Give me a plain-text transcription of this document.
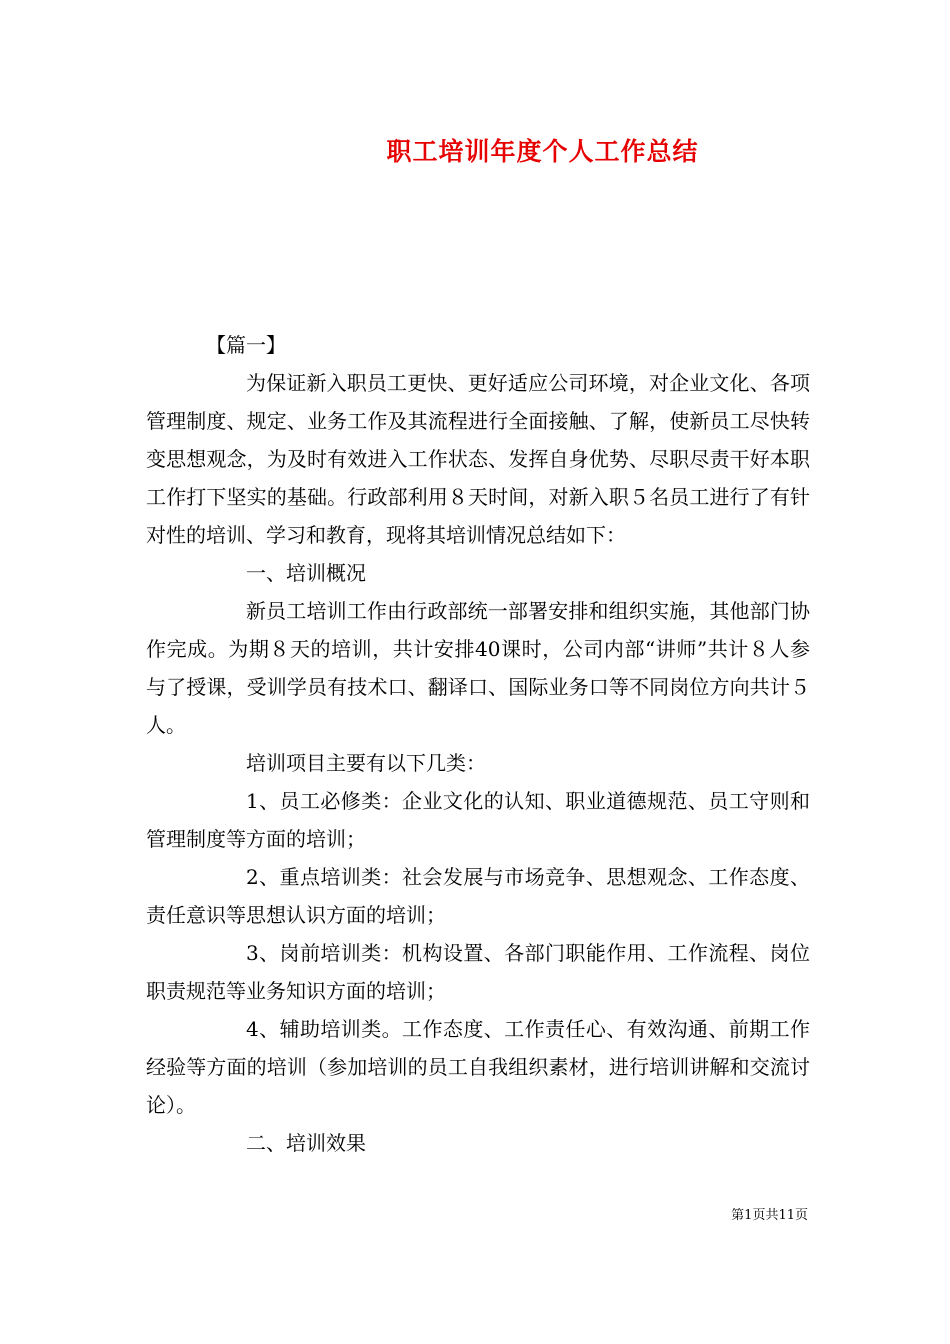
职工培训年度个人工作总结

【篇一】

为保证新入职员工更快、更好适应公司环境，对企业文化、各项管理制度、规定、业务工作及其流程进行全面接触、了解，使新员工尽快转变思想观念，为及时有效进入工作状态、发挥自身优势、尽职尽责干好本职工作打下坚实的基础。行政部利用８天时间，对新入职５名员工进行了有针对性的培训、学习和教育，现将其培训情况总结如下：

一、培训概况

新员工培训工作由行政部统一部署安排和组织实施，其他部门协作完成。为期８天的培训，共计安排40课时，公司内部“讲师”共计８人参与了授课，受训学员有技术口、翻译口、国际业务口等不同岗位方向共计５人。

培训项目主要有以下几类：

1、员工必修类：企业文化的认知、职业道德规范、员工守则和管理制度等方面的培训；

2、重点培训类：社会发展与市场竞争、思想观念、工作态度、责任意识等思想认识方面的培训；

3、岗前培训类：机构设置、各部门职能作用、工作流程、岗位职责规范等业务知识方面的培训；

4、辅助培训类。工作态度、工作责任心、有效沟通、前期工作经验等方面的培训（参加培训的员工自我组织素材，进行培训讲解和交流讨论）。

二、培训效果

第1页共11页
